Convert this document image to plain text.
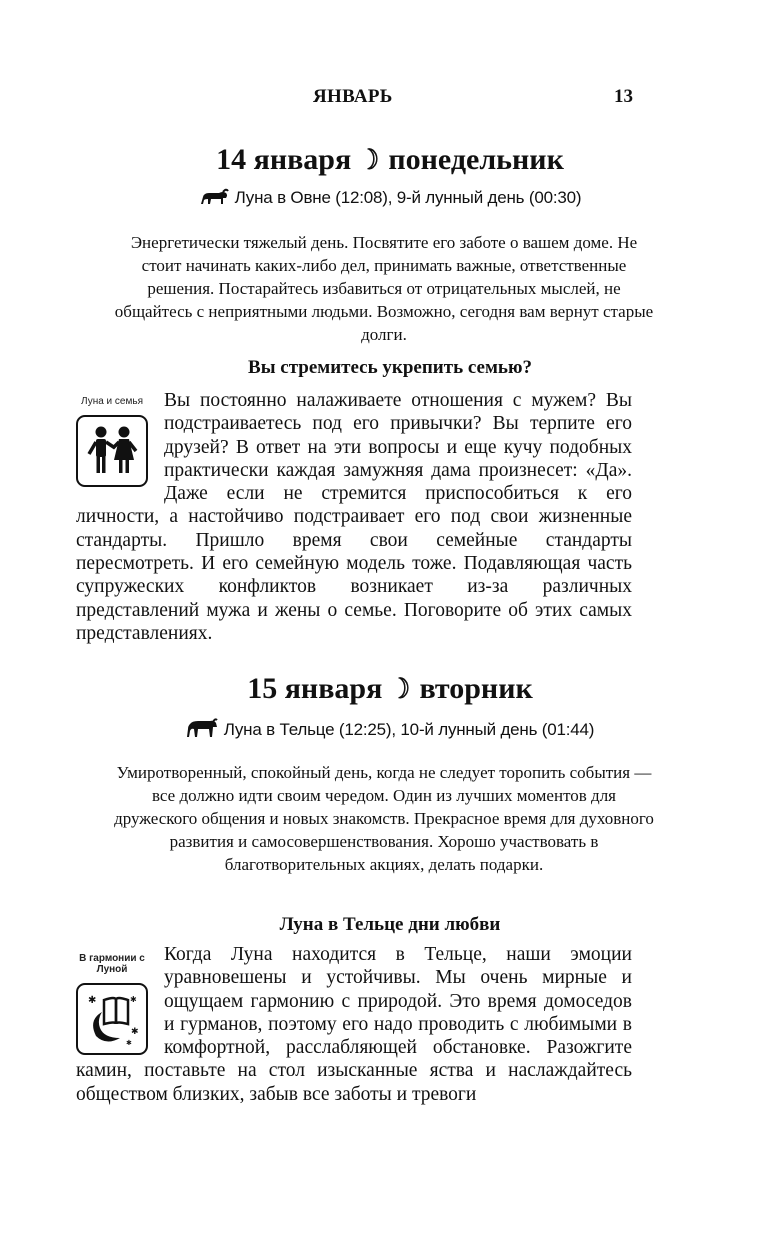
ЯНВАРЬ	13
14 января ☽ понедельник
Луна в Овне (12:08), 9-й лунный день (00:30)
Энергетически тяжелый день. Посвятите его заботе о вашем доме. Не стоит начинать каких-либо дел, принимать важные, ответственные решения. Постарайтесь избавиться от отрицательных мыслей, не общайтесь с неприятными людьми. Возможно, сегодня вам вернут старые долги.
Вы стремитесь укрепить семью?
Луна и семья	Вы постоянно налаживаете отношения с мужем? Вы подстраиваетесь под его привычки? Вы терпите его друзей? В ответ на эти вопросы и еще кучу подобных практически каждая замужняя дама произнесет: «Да». Даже если не стремится приспособиться к его личности, а настойчиво подстраивает его под свои жизненные стандарты. Пришло время свои семейные стандарты пересмотреть. И его семейную модель тоже. Подавляющая часть супружеских конфликтов возникает из-за различных представлений мужа и жены о семье. Поговорите об этих самых представлениях.
15 января ☽ вторник
Луна в Тельце (12:25), 10-й лунный день (01:44)
Умиротворенный, спокойный день, когда не следует торопить события — все должно идти своим чередом. Один из лучших моментов для дружеского общения и новых знакомств. Прекрасное время для духовного развития и самосовершенствования. Хорошо участвовать в благотворительных акциях, делать подарки.
Луна в Тельце дни любви
В гармонии с Луной
✱	✱
✱
✱
Когда Луна находится в Тельце, наши эмоции уравновешены и устойчивы. Мы очень мирные и ощущаем гармонию с природой. Это время домоседов и гурманов, поэтому его надо проводить с любимыми в комфортной, расслабляющей обстановке. Разожгите камин, поставьте на стол изысканные яства и наслаждайтесь обществом близких, забыв все заботы и тревоги
